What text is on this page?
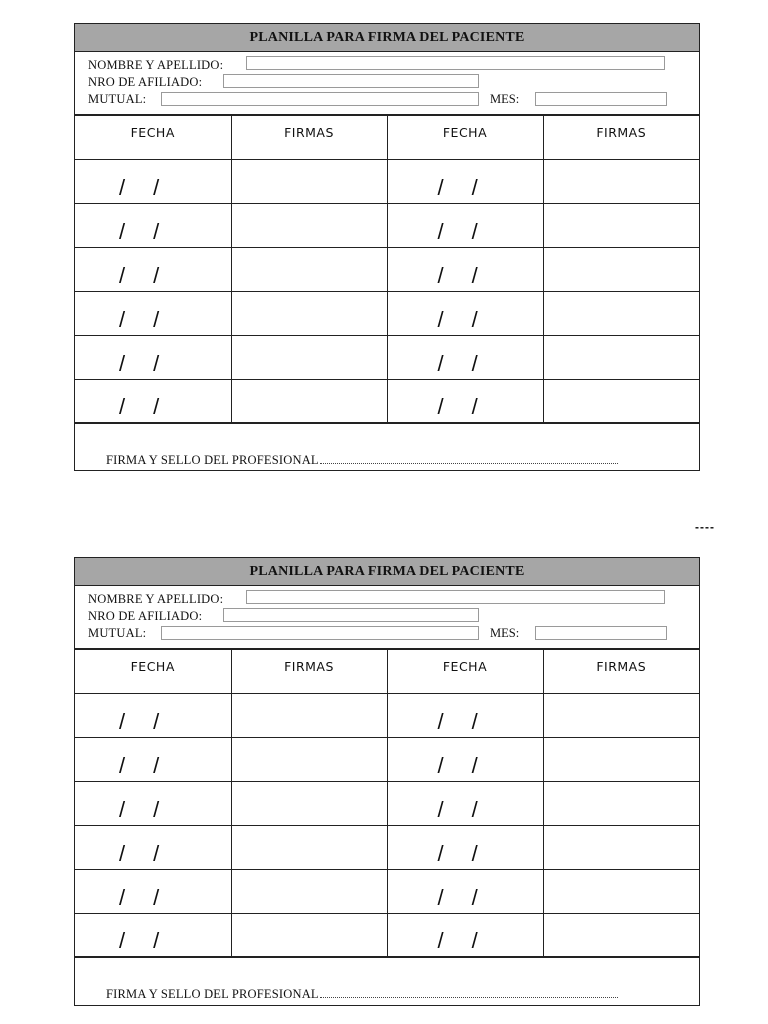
PLANILLA PARA FIRMA DEL PACIENTE
NOMBRE Y APELLIDO:
NRO DE AFILIADO:
MUTUAL:	MES:
FECHA	FIRMAS	FECHA	FIRMAS

/ /		/ /	

/ /		/ /	

/ /		/ /	

/ /		/ /	

/ /		/ /	

/ /		/ /	

FIRMA Y SELLO DEL PROFESIONAL
----
PLANILLA PARA FIRMA DEL PACIENTE
NOMBRE Y APELLIDO:
NRO DE AFILIADO:
MUTUAL:	MES:
FECHA	FIRMAS	FECHA	FIRMAS

/ /		/ /	

/ /		/ /	

/ /		/ /	

/ /		/ /	

/ /		/ /	

/ /		/ /	

FIRMA Y SELLO DEL PROFESIONAL
